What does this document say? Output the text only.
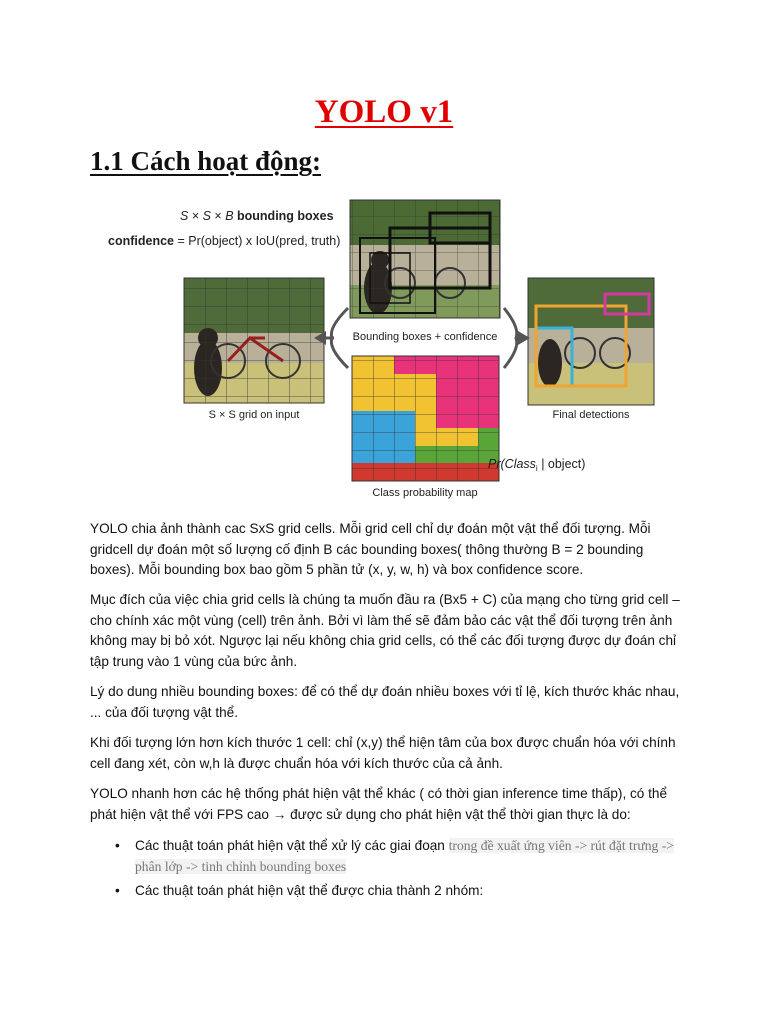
YOLO v1
1.1 Cách hoạt động:
S × S × B bounding boxes
confidence = Pr(object) x IoU(pred, truth)
S × S grid on input
Bounding boxes + confidence
Class probability map
Pr(Class$_i$ | object)
Final detections
YOLO chia ảnh thành cac SxS grid cells. Mỗi grid cell chỉ dự đoán một vật thể đối tượng. Mỗi gridcell dự đoán một số lượng cố định B các bounding boxes( thông thường B = 2 bounding boxes). Mỗi bounding box bao gồm 5 phần tử (x, y, w, h) và box confidence score.
Mục đích của việc chia grid cells là chúng ta muốn đầu ra (Bx5 + C) của mạng cho từng grid cell – cho chính xác một vùng (cell) trên ảnh. Bởi vì làm thế sẽ đảm bảo các vật thể đối tượng trên ảnh không may bị bỏ xót. Ngược lại nếu không chia grid cells, có thể các đối tượng được dự đoán chỉ tập trung vào 1 vùng của bức ảnh.
Lý do dung nhiều bounding boxes: để có thể dự đoán nhiều boxes với tỉ lệ, kích thước khác nhau, ... của đối tượng vật thể.
Khi đối tượng lớn hơn kích thước 1 cell: chỉ (x,y) thể hiện tâm của box được chuẩn hóa với chính cell đang xét, còn w,h là được chuẩn hóa với kích thước của cả ảnh.
YOLO nhanh hơn các hệ thống phát hiện vật thể khác ( có thời gian inference time thấp), có thể phát hiện vật thể với FPS cao → được sử dụng cho phát hiện vật thể thời gian thực là do:
• Các thuật toán phát hiện vật thể xử lý các giai đoạn trong đề xuất ứng viên -> rút đặt trưng -> phân lớp -> tinh chỉnh bounding boxes
• Các thuật toán phát hiện vật thể được chia thành 2 nhóm:
